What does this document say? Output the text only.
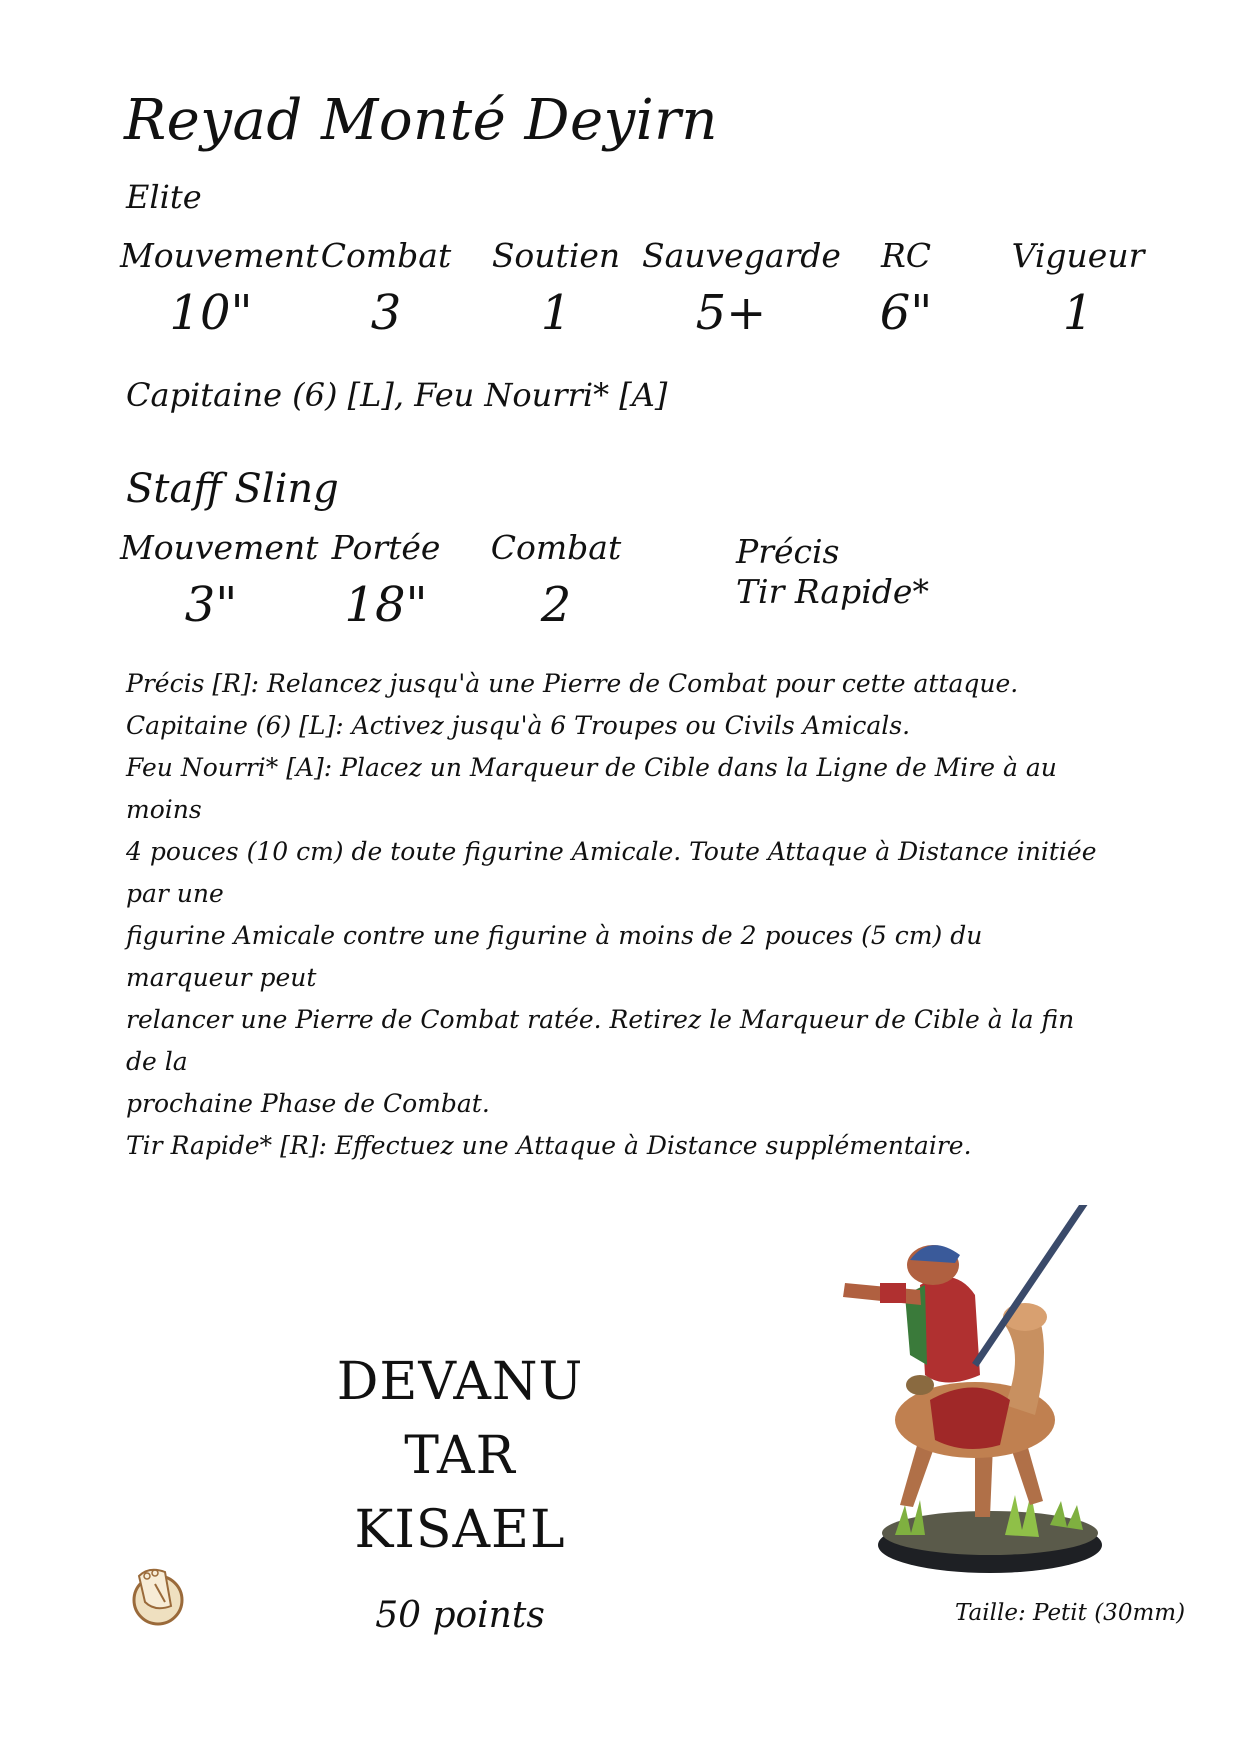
Reyad Monté Deyirn
Elite
Mouvement
10"
Combat
3
Soutien
1
Sauvegarde
5+
RC
6"
Vigueur
1
Capitaine (6) [L], Feu Nourri* [A]
Staff Sling
Mouvement
3"
Portée
18"
Combat
2
Précis
Tir Rapide*

Précis [R]: Relancez jusqu'à une Pierre de Combat pour cette attaque.

Capitaine (6) [L]: Activez jusqu'à 6 Troupes ou Civils Amicals.

Feu Nourri* [A]: Placez un Marqueur de Cible dans la Ligne de Mire à au moins

4 pouces (10 cm) de toute figurine Amicale. Toute Attaque à Distance initiée par une

figurine Amicale contre une figurine à moins de 2 pouces (5 cm) du marqueur peut

relancer une Pierre de Combat ratée. Retirez le Marqueur de Cible à la fin de la

prochaine Phase de Combat.

Tir Rapide* [R]: Effectuez une Attaque à Distance supplémentaire.

DEVANU
TAR
KISAEL
50 points	Taille: Petit (30mm)
